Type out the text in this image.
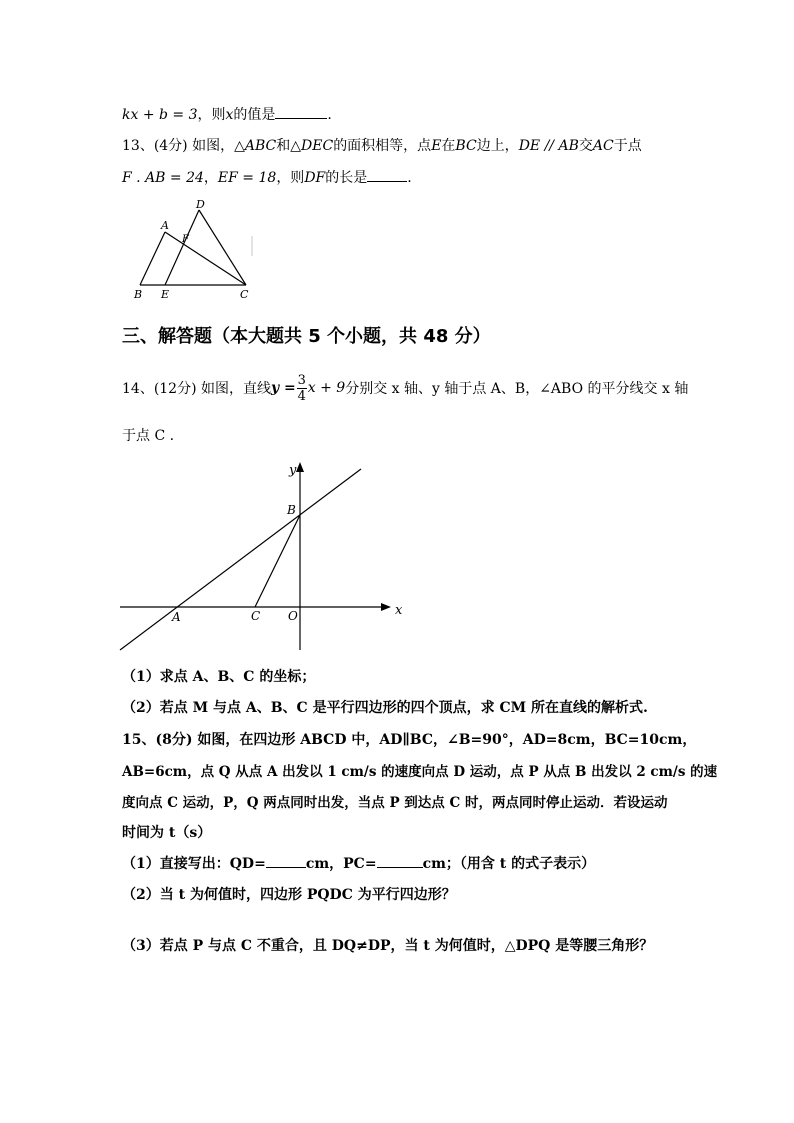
kx + b = 3，则x的值是	.
13、(4分) 如图，△ABC和△DEC的面积相等，点E在BC边上，DE // AB交AC于点
F . AB = 24，EF = 18，则DF的长是	.
A
D
F
B E	C
三、解答题（本大题共 5 个小题，共 48 分）
14、(12分) 如图，直线 $y = \frac{3}{4}$ x + 9 分别交 x 轴、y 轴于点 A、B，∠ABO 的平分线交 x 轴
于点 C .
y
x
B
A	C O
（1）求点 A、B、C 的坐标；
（2）若点 M 与点 A、B、C 是平行四边形的四个顶点，求 CM 所在直线的解析式.
15、(8分) 如图，在四边形 ABCD 中，AD∥BC，∠B=90°，AD=8cm，BC=10cm，
AB=6cm，点 Q 从点 A 出发以 1 cm/s 的速度向点 D 运动，点 P 从点 B 出发以 2 cm/s 的速
度向点 C 运动，P，Q 两点同时出发，当点 P 到达点 C 时，两点同时停止运动．若设运动
时间为 t（s）
（1）直接写出：QD=	cm，PC=	cm；（用含 t 的式子表示）
（2）当 t 为何值时，四边形 PQDC 为平行四边形？
（3）若点 P 与点 C 不重合，且 DQ≠DP，当 t 为何值时，△DPQ 是等腰三角形？
